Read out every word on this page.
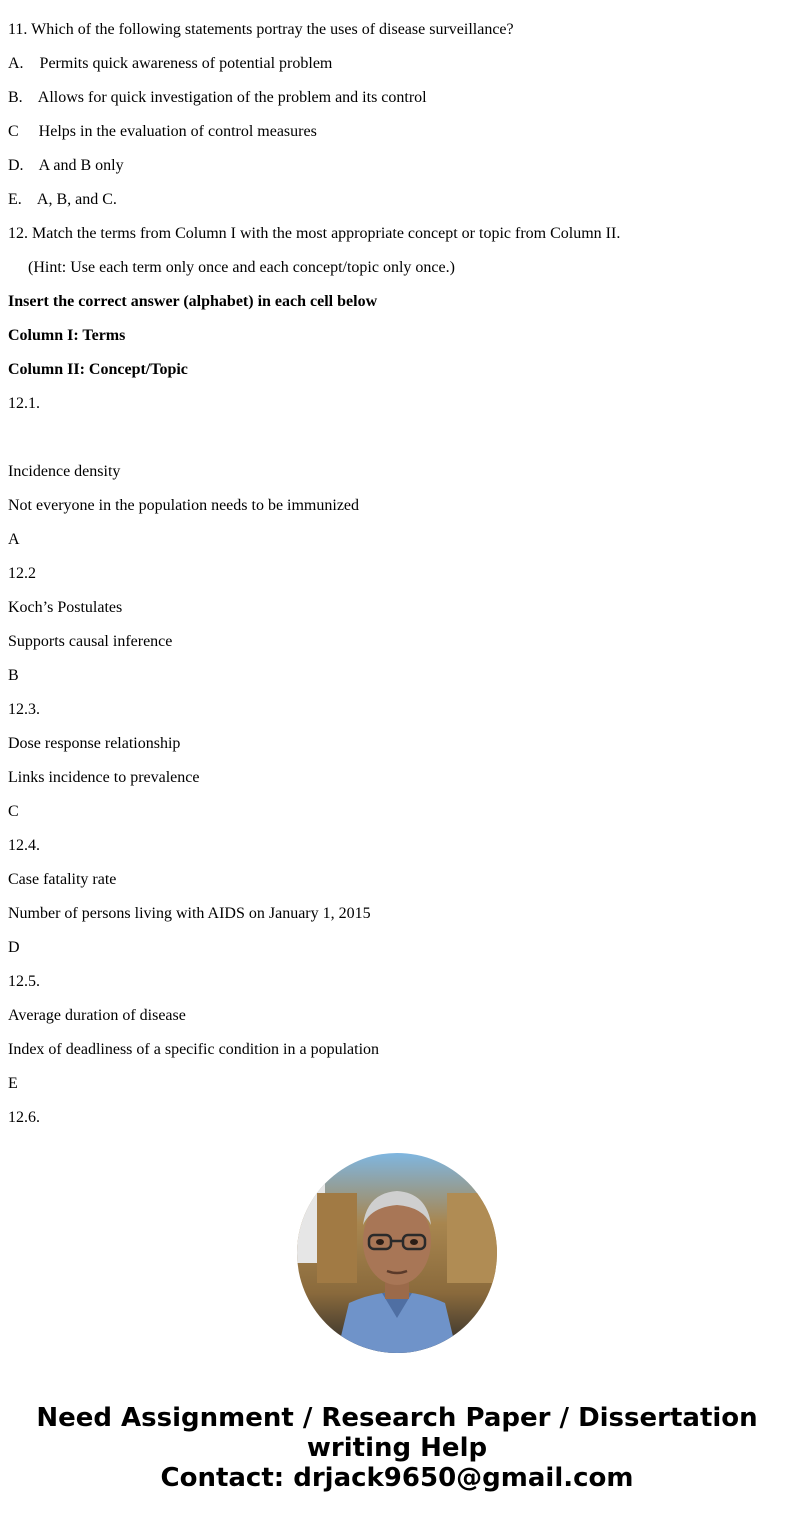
11. Which of the following statements portray the uses of disease surveillance?
A.    Permits quick awareness of potential problem
B.    Allows for quick investigation of the problem and its control
C     Helps in the evaluation of control measures
D.    A and B only
E.    A, B, and C.
12. Match the terms from Column I with the most appropriate concept or topic from Column II.
(Hint: Use each term only once and each concept/topic only once.)
Insert the correct answer (alphabet) in each cell below
Column I: Terms
Column II: Concept/Topic
12.1.
Incidence density
Not everyone in the population needs to be immunized
A
12.2
Koch’s Postulates
Supports causal inference
B
12.3.
Dose response relationship
Links incidence to prevalence
C
12.4.
Case fatality rate
Number of persons living with AIDS on January 1, 2015
D
12.5.
Average duration of disease
Index of deadliness of a specific condition in a population
E
12.6.
Need Assignment / Research Paper / Dissertation
writing Help
Contact: drjack9650@gmail.com
